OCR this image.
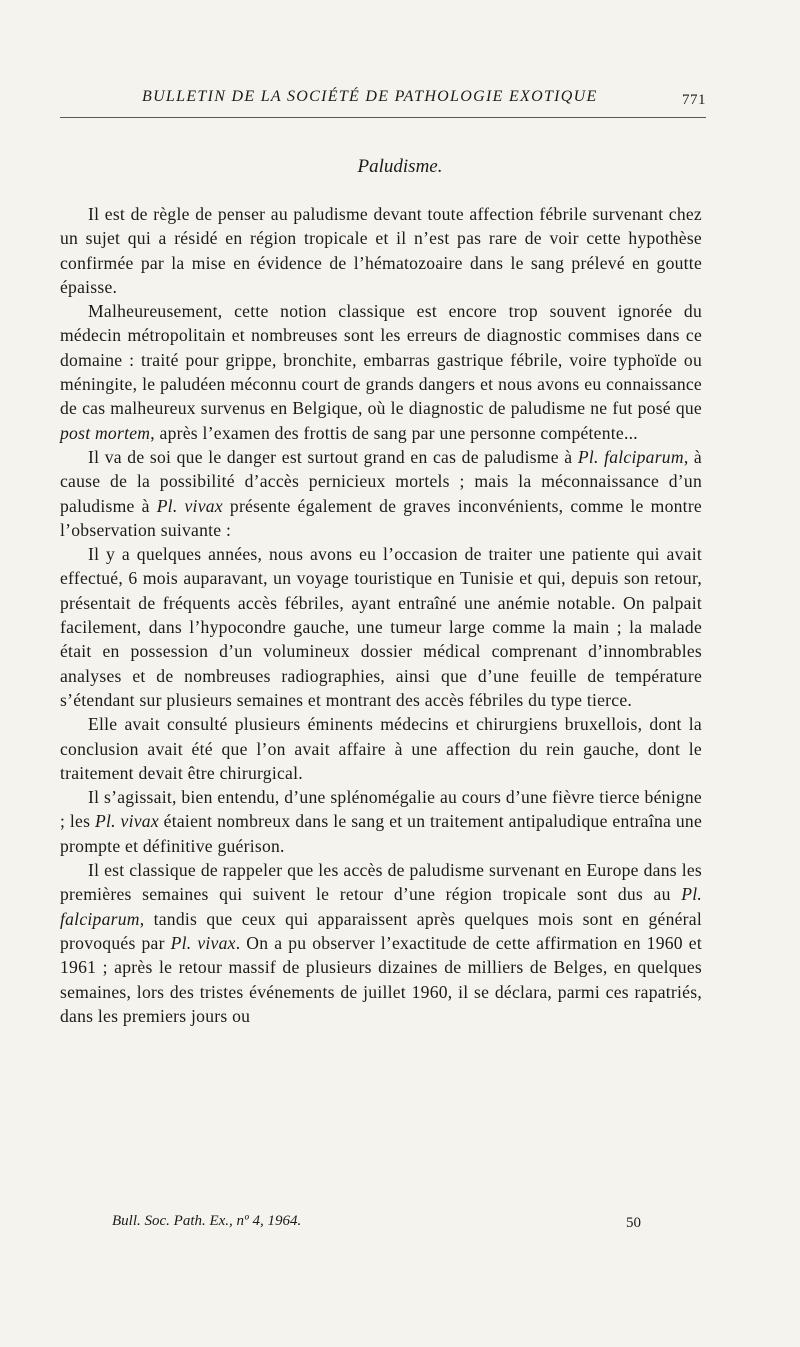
BULLETIN DE LA SOCIÉTÉ DE PATHOLOGIE EXOTIQUE	771
Paludisme.

Il est de règle de penser au paludisme devant toute affection fébrile survenant chez un sujet qui a résidé en région tropicale et il n’est pas rare de voir cette hypothèse confirmée par la mise en évidence de l’hématozoaire dans le sang prélevé en goutte épaisse.

Malheureusement, cette notion classique est encore trop souvent ignorée du médecin métropolitain et nombreuses sont les erreurs de diagnostic commises dans ce domaine : traité pour grippe, bronchite, embarras gastrique fébrile, voire typhoïde ou méningite, le paludéen méconnu court de grands dangers et nous avons eu connaissance de cas malheureux survenus en Belgique, où le diagnostic de paludisme ne fut posé que post mortem, après l’examen des frottis de sang par une personne compétente...

Il va de soi que le danger est surtout grand en cas de paludisme à Pl. falciparum, à cause de la possibilité d’accès pernicieux mortels ; mais la méconnaissance d’un paludisme à Pl. vivax présente également de graves inconvénients, comme le montre l’observation suivante :

Il y a quelques années, nous avons eu l’occasion de traiter une patiente qui avait effectué, 6 mois auparavant, un voyage touristique en Tunisie et qui, depuis son retour, présentait de fréquents accès fébriles, ayant entraîné une anémie notable. On palpait facilement, dans l’hypocondre gauche, une tumeur large comme la main ; la malade était en possession d’un volumineux dossier médical comprenant d’innombrables analyses et de nombreuses radiographies, ainsi que d’une feuille de température s’étendant sur plusieurs semaines et montrant des accès fébriles du type tierce.

Elle avait consulté plusieurs éminents médecins et chirurgiens bruxellois, dont la conclusion avait été que l’on avait affaire à une affection du rein gauche, dont le traitement devait être chirurgical.

Il s’agissait, bien entendu, d’une splénomégalie au cours d’une fièvre tierce bénigne ; les Pl. vivax étaient nombreux dans le sang et un traitement antipaludique entraîna une prompte et définitive guérison.

Il est classique de rappeler que les accès de paludisme survenant en Europe dans les premières semaines qui suivent le retour d’une région tropicale sont dus au Pl. falciparum, tandis que ceux qui apparaissent après quelques mois sont en général provoqués par Pl. vivax. On a pu observer l’exactitude de cette affirmation en 1960 et 1961 ; après le retour massif de plusieurs dizaines de milliers de Belges, en quelques semaines, lors des tristes événements de juillet 1960, il se déclara, parmi ces rapatriés, dans les premiers jours ou

Bull. Soc. Path. Ex., nº 4, 1964.	50
